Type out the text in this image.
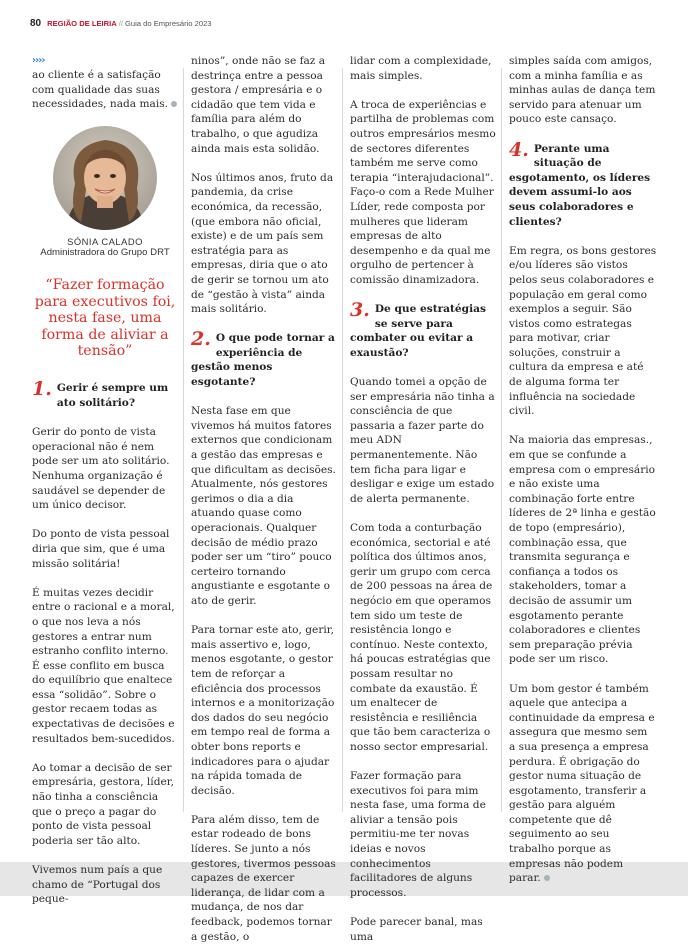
80 REGIÃO DE LEIRIA // Guia do Empresário 2023
››››

ao cliente é a satisfação com qualidade das suas necessidades, nada mais.

SÓNIA CALADO
Administradora do Grupo DRT
“Fazer formação para executivos foi, nesta fase, uma forma de aliviar a tensão”
1. Gerir é sempre um ato solitário?

Gerir do ponto de vista operacional não é nem pode ser um ato solitário. Nenhuma organização é saudável se depender de um único decisor.

Do ponto de vista pessoal diria que sim, que é uma missão solitária!

É muitas vezes decidir entre o racional e a moral, o que nos leva a nós gestores a entrar num estranho conflito interno. É esse conflito em busca do equilíbrio que enaltece essa “solidão”. Sobre o gestor recaem todas as expectativas de decisões e resultados bem-sucedidos.

Ao tomar a decisão de ser empresária, gestora, líder, não tinha a consciência que o preço a pagar do ponto de vista pessoal poderia ser tão alto.

Vivemos num país a que chamo de “Portugal dos peque-

ninos”, onde não se faz a destrinça entre a pessoa gestora / empresária e o cidadão que tem vida e família para além do trabalho, o que agudiza ainda mais esta solidão.

Nos últimos anos, fruto da pandemia, da crise económica, da recessão, (que embora não oficial, existe) e de um país sem estratégia para as empresas, diria que o ato de gerir se tornou um ato de “gestão à vista” ainda mais solitário.

2. O que pode tornar a experiência de gestão menos esgotante?

Nesta fase em que vivemos há muitos fatores externos que condicionam a gestão das empresas e que dificultam as decisões. Atualmente, nós gestores gerimos o dia a dia atuando quase como operacionais. Qualquer decisão de médio prazo poder ser um “tiro” pouco certeiro tornando angustiante e esgotante o ato de gerir.

Para tornar este ato, gerir, mais assertivo e, logo, menos esgotante, o gestor tem de reforçar a eficiência dos processos internos e a monitorização dos dados do seu negócio em tempo real de forma a obter bons reports e indicadores para o ajudar na rápida tomada de decisão.

Para além disso, tem de estar rodeado de bons líderes. Se junto a nós gestores, tivermos pessoas capazes de exercer liderança, de lidar com a mudança, de nos dar feedback, podemos tornar a gestão, o

lidar com a complexidade, mais simples.

A troca de experiências e partilha de problemas com outros empresários mesmo de sectores diferentes também me serve como terapia “interajudacional”. Faço-o com a Rede Mulher Líder, rede composta por mulheres que lideram empresas de alto desempenho e da qual me orgulho de pertencer à comissão dinamizadora.

3. De que estratégias se serve para combater ou evitar a exaustão?

Quando tomei a opção de ser empresária não tinha a consciência de que passaria a fazer parte do meu ADN permanentemente. Não tem ficha para ligar e desligar e exige um estado de alerta permanente.

Com toda a conturbação económica, sectorial e até política dos últimos anos, gerir um grupo com cerca de 200 pessoas na área de negócio em que operamos tem sido um teste de resistência longo e contínuo. Neste contexto, há poucas estratégias que possam resultar no combate da exaustão. É um enaltecer de resistência e resiliência que tão bem caracteriza o nosso sector empresarial.

Fazer formação para executivos foi para mim nesta fase, uma forma de aliviar a tensão pois permitiu-me ter novas ideias e novos conhecimentos facilitadores de alguns processos.

Pode parecer banal, mas uma

simples saída com amigos, com a minha família e as minhas aulas de dança tem servido para atenuar um pouco este cansaço.

4. Perante uma situação de esgotamento, os líderes devem assumi-lo aos seus colaboradores e clientes?

Em regra, os bons gestores e/ou líderes são vistos pelos seus colaboradores e população em geral como exemplos a seguir. São vistos como estrategas para motivar, criar soluções, construir a cultura da empresa e até de alguma forma ter influência na sociedade civil.

Na maioria das empresas., em que se confunde a empresa com o empresário e não existe uma combinação forte entre líderes de 2ª linha e gestão de topo (empresário), combinação essa, que transmita segurança e confiança a todos os stakeholders, tomar a decisão de assumir um esgotamento perante colaboradores e clientes sem preparação prévia pode ser um risco.

Um bom gestor é também aquele que antecipa a continuidade da empresa e assegura que mesmo sem a sua presença a empresa perdura. É obrigação do gestor numa situação de esgotamento, transferir a gestão para alguém competente que dê seguimento ao seu trabalho porque as empresas não podem parar.
